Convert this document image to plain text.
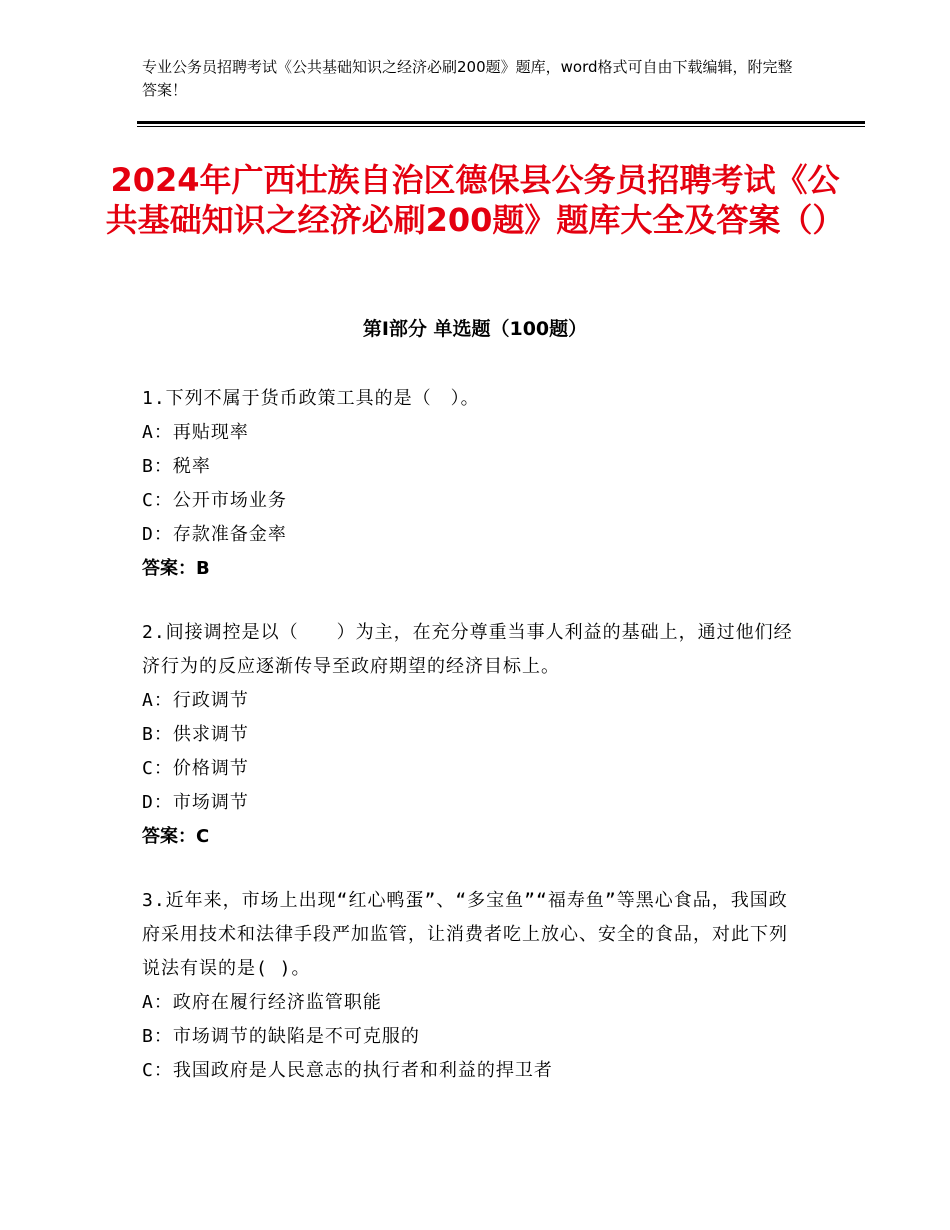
专业公务员招聘考试《公共基础知识之经济必刷200题》题库，word格式可自由下载编辑，附完整答案！
2024年广西壮族自治区德保县公务员招聘考试《公共基础知识之经济必刷200题》题库大全及答案（）
第Ⅰ部分 单选题（100题）
1.下列不属于货币政策工具的是（　）。
A：再贴现率
B：税率
C：公开市场业务
D：存款准备金率
答案：B
2.间接调控是以（　　）为主，在充分尊重当事人利益的基础上，通过他们经济行为的反应逐渐传导至政府期望的经济目标上。
A：行政调节
B：供求调节
C：价格调节
D：市场调节
答案：C
3.近年来，市场上出现“红心鸭蛋”、“多宝鱼”“福寿鱼”等黑心食品，我国政府采用技术和法律手段严加监管，让消费者吃上放心、安全的食品，对此下列说法有误的是( )。
A：政府在履行经济监管职能
B：市场调节的缺陷是不可克服的
C：我国政府是人民意志的执行者和利益的捍卫者
